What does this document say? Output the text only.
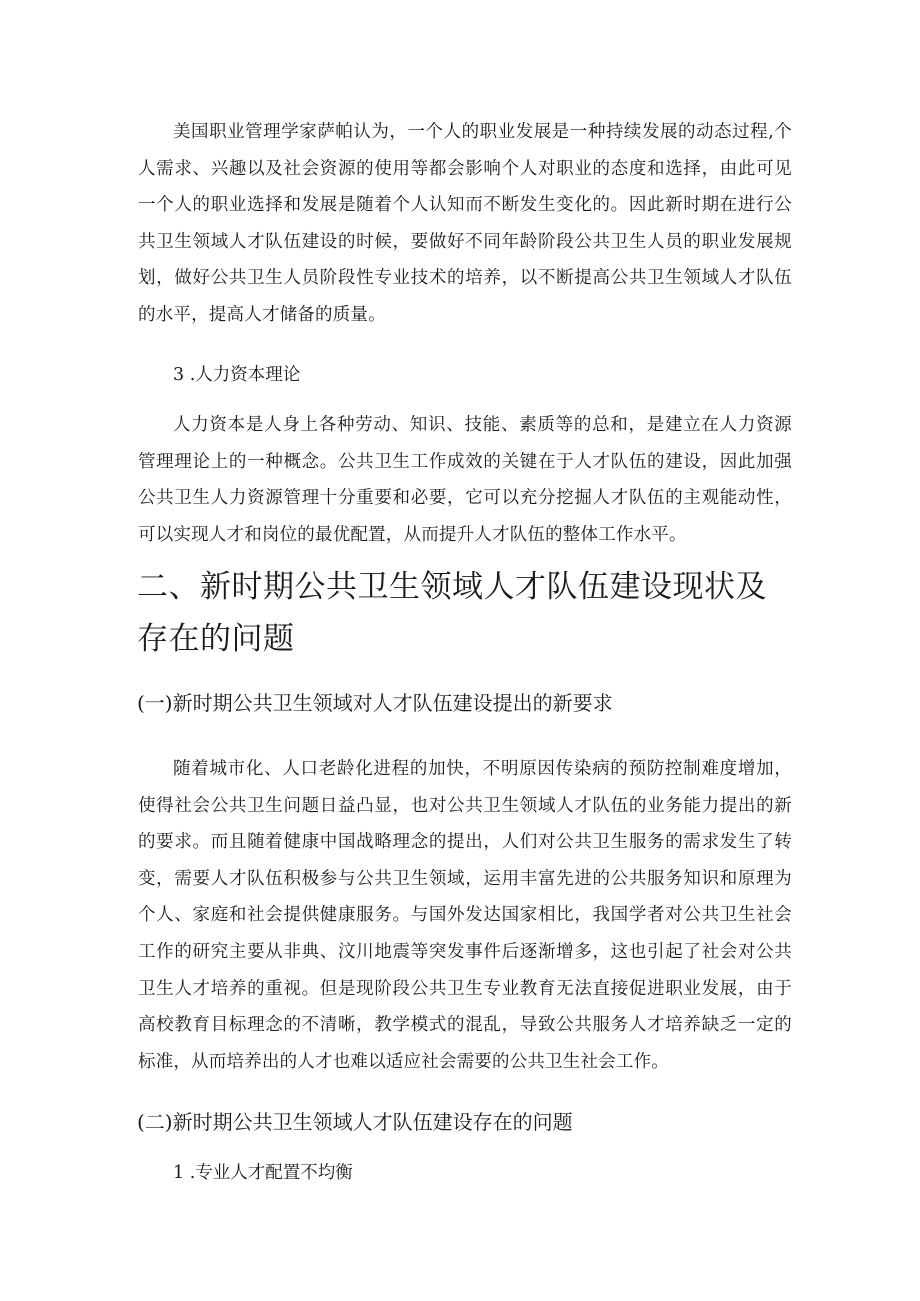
美国职业管理学家萨帕认为，一个人的职业发展是一种持续发展的动态过程,个人需求、兴趣以及社会资源的使用等都会影响个人对职业的态度和选择，由此可见一个人的职业选择和发展是随着个人认知而不断发生变化的。因此新时期在进行公共卫生领域人才队伍建设的时候，要做好不同年龄阶段公共卫生人员的职业发展规划，做好公共卫生人员阶段性专业技术的培养，以不断提高公共卫生领域人才队伍的水平，提高人才储备的质量。

3 .人力资本理论

人力资本是人身上各种劳动、知识、技能、素质等的总和，是建立在人力资源管理理论上的一种概念。公共卫生工作成效的关键在于人才队伍的建设，因此加强公共卫生人力资源管理十分重要和必要，它可以充分挖掘人才队伍的主观能动性，可以实现人才和岗位的最优配置，从而提升人才队伍的整体工作水平。

二、新时期公共卫生领域人才队伍建设现状及存在的问题
(一)新时期公共卫生领域对人才队伍建设提出的新要求

随着城市化、人口老龄化进程的加快，不明原因传染病的预防控制难度增加，使得社会公共卫生问题日益凸显，也对公共卫生领域人才队伍的业务能力提出的新的要求。而且随着健康中国战略理念的提出，人们对公共卫生服务的需求发生了转变，需要人才队伍积极参与公共卫生领域，运用丰富先进的公共服务知识和原理为个人、家庭和社会提供健康服务。与国外发达国家相比，我国学者对公共卫生社会工作的研究主要从非典、汶川地震等突发事件后逐渐增多，这也引起了社会对公共卫生人才培养的重视。但是现阶段公共卫生专业教育无法直接促进职业发展，由于高校教育目标理念的不清晰，教学模式的混乱，导致公共服务人才培养缺乏一定的标准，从而培养出的人才也难以适应社会需要的公共卫生社会工作。

(二)新时期公共卫生领域人才队伍建设存在的问题

1 .专业人才配置不均衡
